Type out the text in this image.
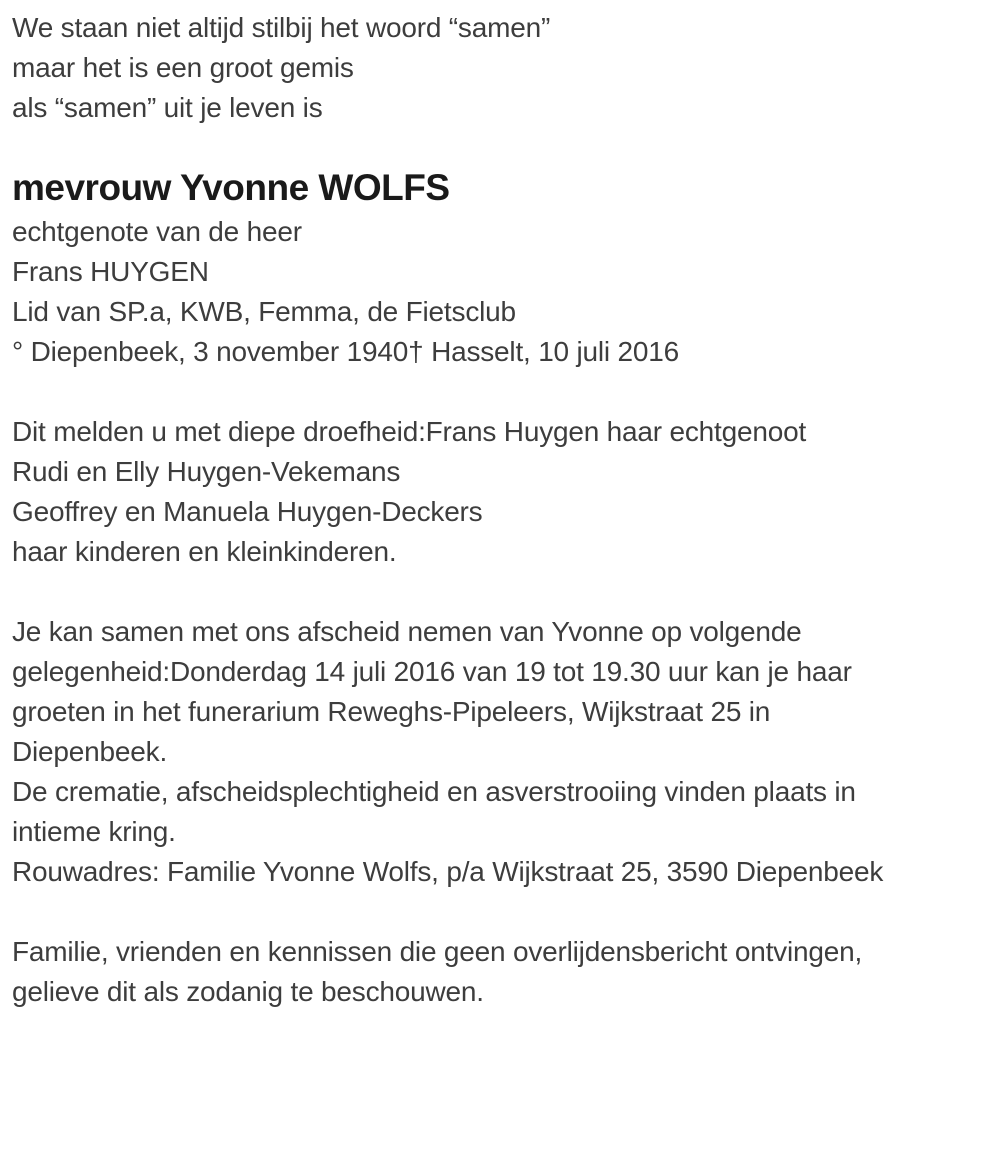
We staan niet altijd stilbij het woord “samen”

maar het is een groot gemis

als “samen” uit je leven is

mevrouw Yvonne WOLFS

echtgenote van de heer

Frans HUYGEN

Lid van SP.a, KWB, Femma, de Fietsclub

° Diepenbeek, 3 november 1940† Hasselt, 10 juli 2016

Dit melden u met diepe droefheid:Frans Huygen haar echtgenoot

Rudi en Elly Huygen-Vekemans

Geoffrey en Manuela Huygen-Deckers

haar kinderen en kleinkinderen.

Je kan samen met ons afscheid nemen van Yvonne op volgende

gelegenheid:Donderdag 14 juli 2016 van 19 tot 19.30 uur kan je haar

groeten in het funerarium Reweghs-Pipeleers, Wijkstraat 25 in

Diepenbeek.

De crematie, afscheidsplechtigheid en asverstrooiing vinden plaats in

intieme kring.

Rouwadres: Familie Yvonne Wolfs, p/a Wijkstraat 25, 3590 Diepenbeek

Familie, vrienden en kennissen die geen overlijdensbericht ontvingen,

gelieve dit als zodanig te beschouwen.
